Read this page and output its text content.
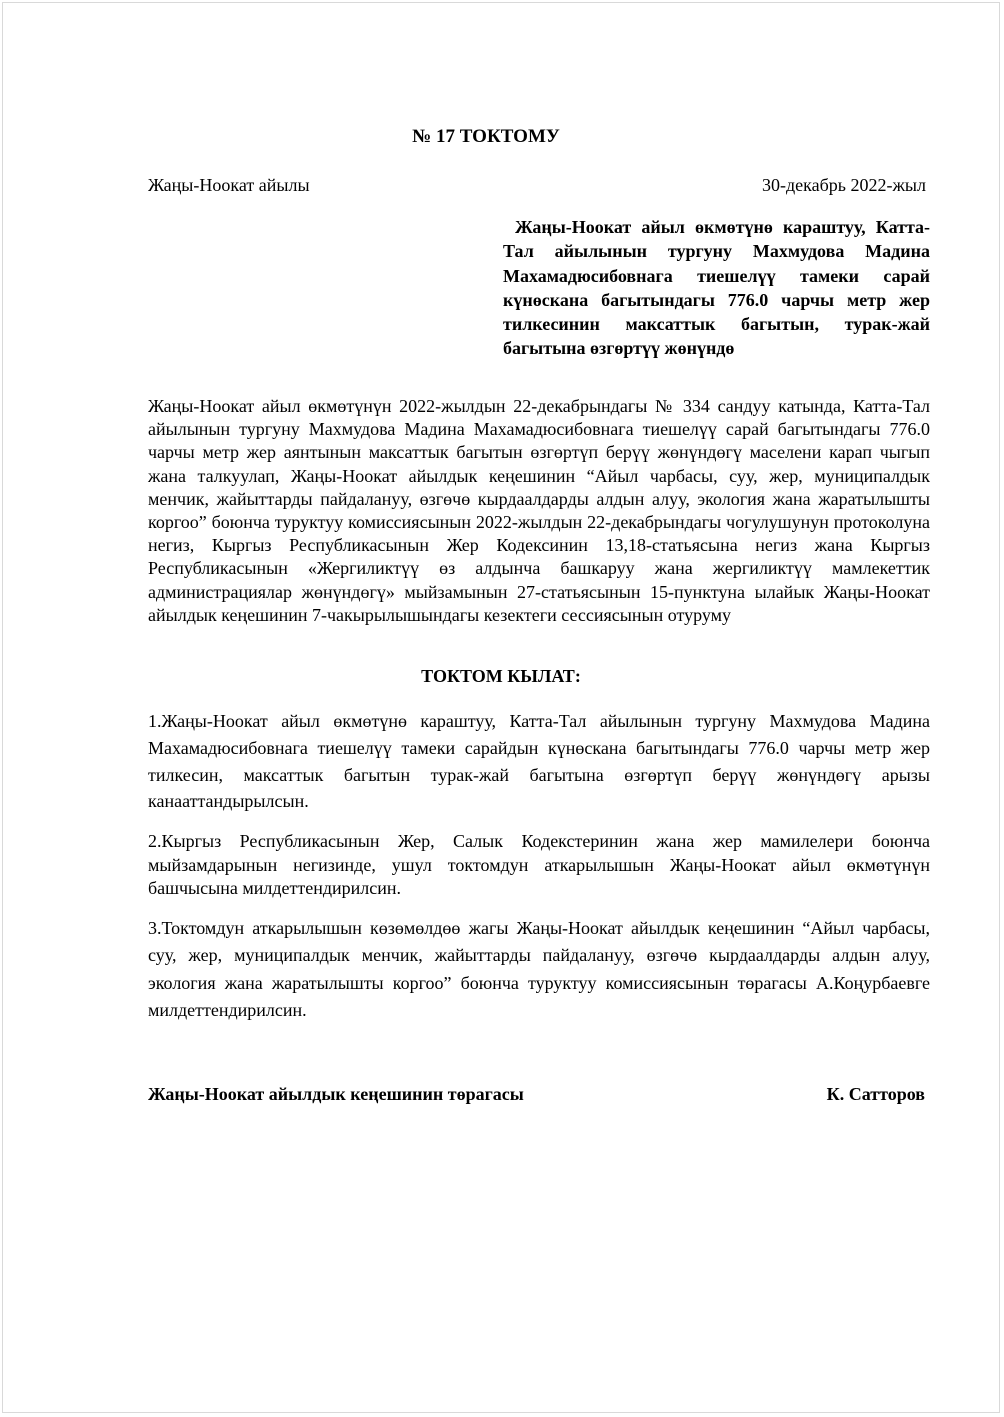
№ 17 ТОКТОМУ
Жаңы-Ноокат айылы	30-декабрь 2022-жыл
Жаңы-Ноокат айыл өкмөтүнө караштуу, Катта-Тал айылынын тургуну Махмудова Мадина Махамадюсибовнага тиешелүү тамеки сарай күнөскана багытындагы 776.0 чарчы метр жер тилкесинин максаттык багытын, турак-жай багытына өзгөртүү жөнүндө
Жаңы-Ноокат айыл өкмөтүнүн 2022-жылдын 22-декабрындагы № 334 сандуу катында, Катта-Тал айылынын тургуну Махмудова Мадина Махамадюсибовнага тиешелүү сарай багытындагы 776.0 чарчы метр жер аянтынын максаттык багытын өзгөртүп берүү жөнүндөгү маселени карап чыгып жана талкуулап, Жаңы-Ноокат айылдык кеңешинин “Айыл чарбасы, суу, жер, муниципалдык менчик, жайыттарды пайдалануу, өзгөчө кырдаалдарды алдын алуу, экология жана жаратылышты коргоо” боюнча туруктуу комиссиясынын 2022-жылдын 22-декабрындагы чогулушунун протоколуна негиз, Кыргыз Республикасынын Жер Кодексинин 13,18-статьясына негиз жана Кыргыз Республикасынын «Жергиликтүү өз алдынча башкаруу жана жергиликтүү мамлекеттик администрациялар жөнүндөгү» мыйзамынын 27-статьясынын 15-пунктуна ылайык Жаңы-Ноокат айылдык кеңешинин 7-чакырылышындагы кезектеги сессиясынын отуруму
ТОКТОМ КЫЛАТ:
1.Жаңы-Ноокат айыл өкмөтүнө караштуу, Катта-Тал айылынын тургуну Махмудова Мадина Махамадюсибовнага тиешелүү тамеки сарайдын күнөскана багытындагы 776.0 чарчы метр жер тилкесин, максаттык багытын турак-жай багытына өзгөртүп берүү жөнүндөгү арызы канааттандырылсын.
2.Кыргыз Республикасынын Жер, Салык Кодекстеринин жана жер мамилелери боюнча мыйзамдарынын негизинде, ушул токтомдун аткарылышын Жаңы-Ноокат айыл өкмөтүнүн башчысына милдеттендирилсин.
3.Токтомдун аткарылышын көзөмөлдөө жагы Жаңы-Ноокат айылдык кеңешинин “Айыл чарбасы, суу, жер, муниципалдык менчик, жайыттарды пайдалануу, өзгөчө кырдаалдарды алдын алуу, экология жана жаратылышты коргоо” боюнча туруктуу комиссиясынын төрагасы А.Коңурбаевге милдеттендирилсин.
Жаңы-Ноокат айылдык кеңешинин төрагасы	К. Сатторов
